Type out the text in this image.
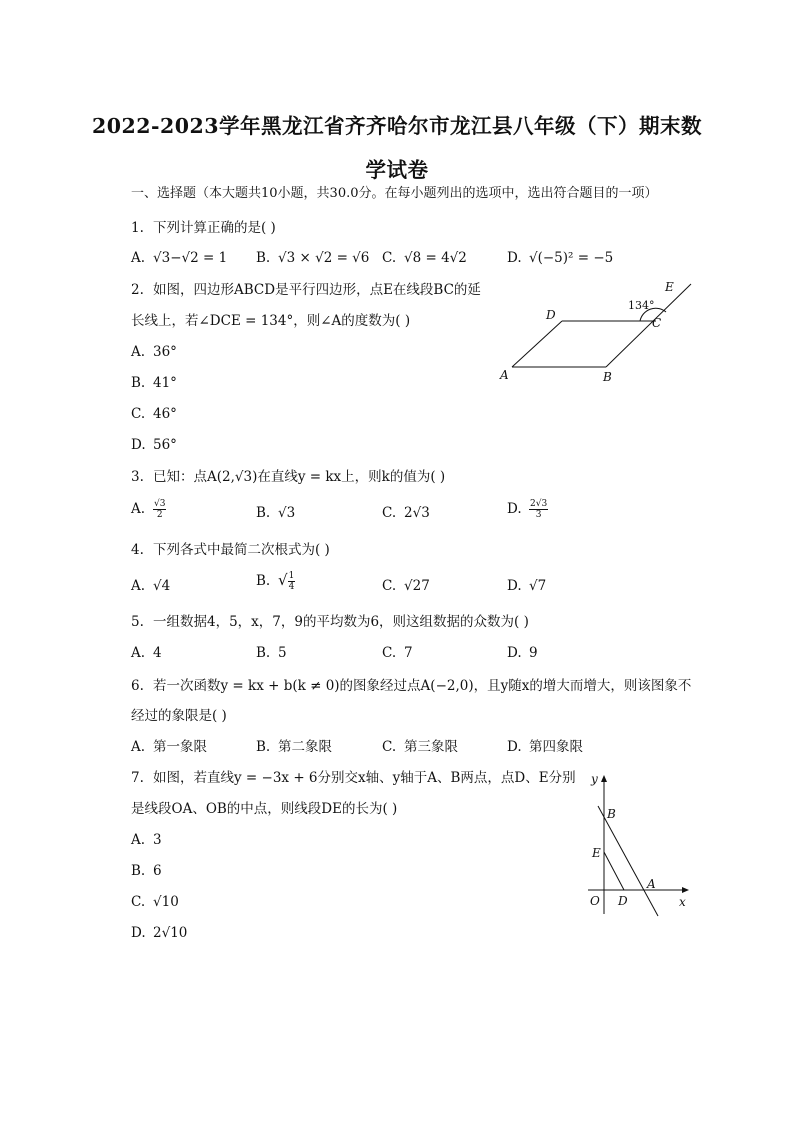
2022-2023学年黑龙江省齐齐哈尔市龙江县八年级（下）期末数
学试卷
一、选择题（本大题共10小题，共30.0分。在每小题列出的选项中，选出符合题目的一项）
1. 下列计算正确的是( )
A. √3−√2 = 1 B. √3 × √2 = √6 C. √8 = 4√2	D. √(−5)² = −5
2. 如图，四边形ABCD是平行四边形，点E在线段BC的延
长线上，若∠DCE = 134°，则∠A的度数为( )
A. 36°
B. 41°
C. 46°
D. 56°
134°
A	B
C
D
E
3. 已知：点A(2,√3)在直线y = kx上，则k的值为( )
A. $\frac{√3}{2}$	B. √3	C. 2√3	D. $\frac{2√3}{3}$
4. 下列各式中最简二次根式为( )
A. √4	B. √ $\frac{1}{4}$	C. √27	D. √7
5. 一组数据4，5，x，7，9的平均数为6，则这组数据的众数为( )
A. 4	B. 5	C. 7	D. 9
6. 若一次函数y = kx + b(k ≠ 0)的图象经过点A(−2,0)，且y随x的增大而增大，则该图象不
经过的象限是( )
A. 第一象限	B. 第二象限	C. 第三象限	D. 第四象限
7. 如图，若直线y = −3x + 6分别交x轴、y轴于A、B两点，点D、E分别
是线段OA、OB的中点，则线段DE的长为( )
A. 3
B. 6
C. √10
D. 2√10
y
B
E
A
O D	x
